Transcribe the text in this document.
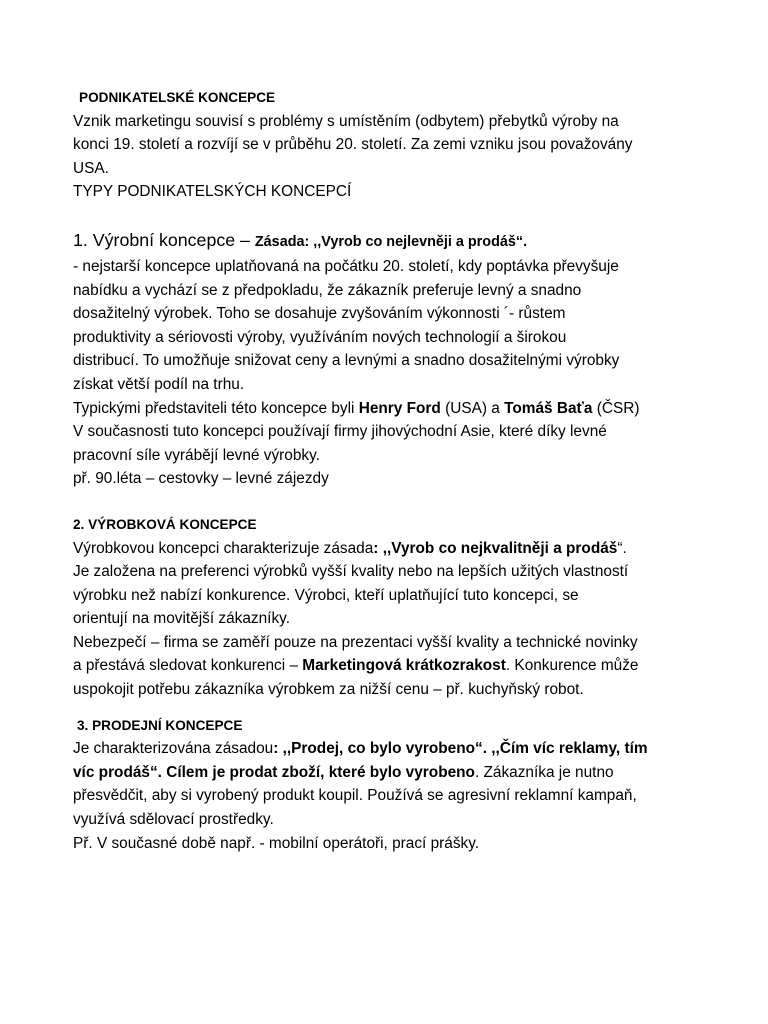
PODNIKATELSKÉ KONCEPCE
Vznik marketingu souvisí s problémy s umístěním (odbytem) přebytků výroby na
konci 19. století a rozvíjí se v průběhu 20. století. Za zemi vzniku jsou považovány
USA.
TYPY PODNIKATELSKÝCH KONCEPCÍ
1. Výrobní koncepce – Zásada: ,,Vyrob co nejlevněji a prodáš“.
- nejstarší koncepce uplatňovaná na počátku 20. století, kdy poptávka převyšuje
nabídku a vychází se z předpokladu, že zákazník preferuje levný a snadno
dosažitelný výrobek. Toho se dosahuje zvyšováním výkonnosti ´- růstem
produktivity a sériovosti výroby, využíváním nových technologií a širokou
distribucí. To umožňuje snižovat ceny a levnými a snadno dosažitelnými výrobky
získat větší podíl na trhu.
Typickými představiteli této koncepce byli Henry Ford (USA) a Tomáš Baťa (ČSR)
V současnosti tuto koncepci používají firmy jihovýchodní Asie, které díky levné
pracovní síle vyrábějí levné výrobky.
př. 90.léta – cestovky – levné zájezdy
2. VÝROBKOVÁ KONCEPCE
Výrobkovou koncepci charakterizuje zásada: ,,Vyrob co nejkvalitněji a prodáš“.
Je založena na preferenci výrobků vyšší kvality nebo na lepších užitých vlastností
výrobku než nabízí konkurence. Výrobci, kteří uplatňující tuto koncepci, se
orientují na movitější zákazníky.
Nebezpečí – firma se zaměří pouze na prezentaci vyšší kvality a technické novinky
a přestává sledovat konkurenci – Marketingová krátkozrakost. Konkurence může
uspokojit potřebu zákazníka výrobkem za nižší cenu – př. kuchyňský robot.
3. PRODEJNÍ KONCEPCE
Je charakterizována zásadou: ,,Prodej, co bylo vyrobeno“. ,,Čím víc reklamy, tím
víc prodáš“. Cílem je prodat zboží, které bylo vyrobeno. Zákazníka je nutno
přesvědčit, aby si vyrobený produkt koupil. Používá se agresivní reklamní kampaň,
využívá sdělovací prostředky.
Př. V současné době např. - mobilní operátoři, prací prášky.
